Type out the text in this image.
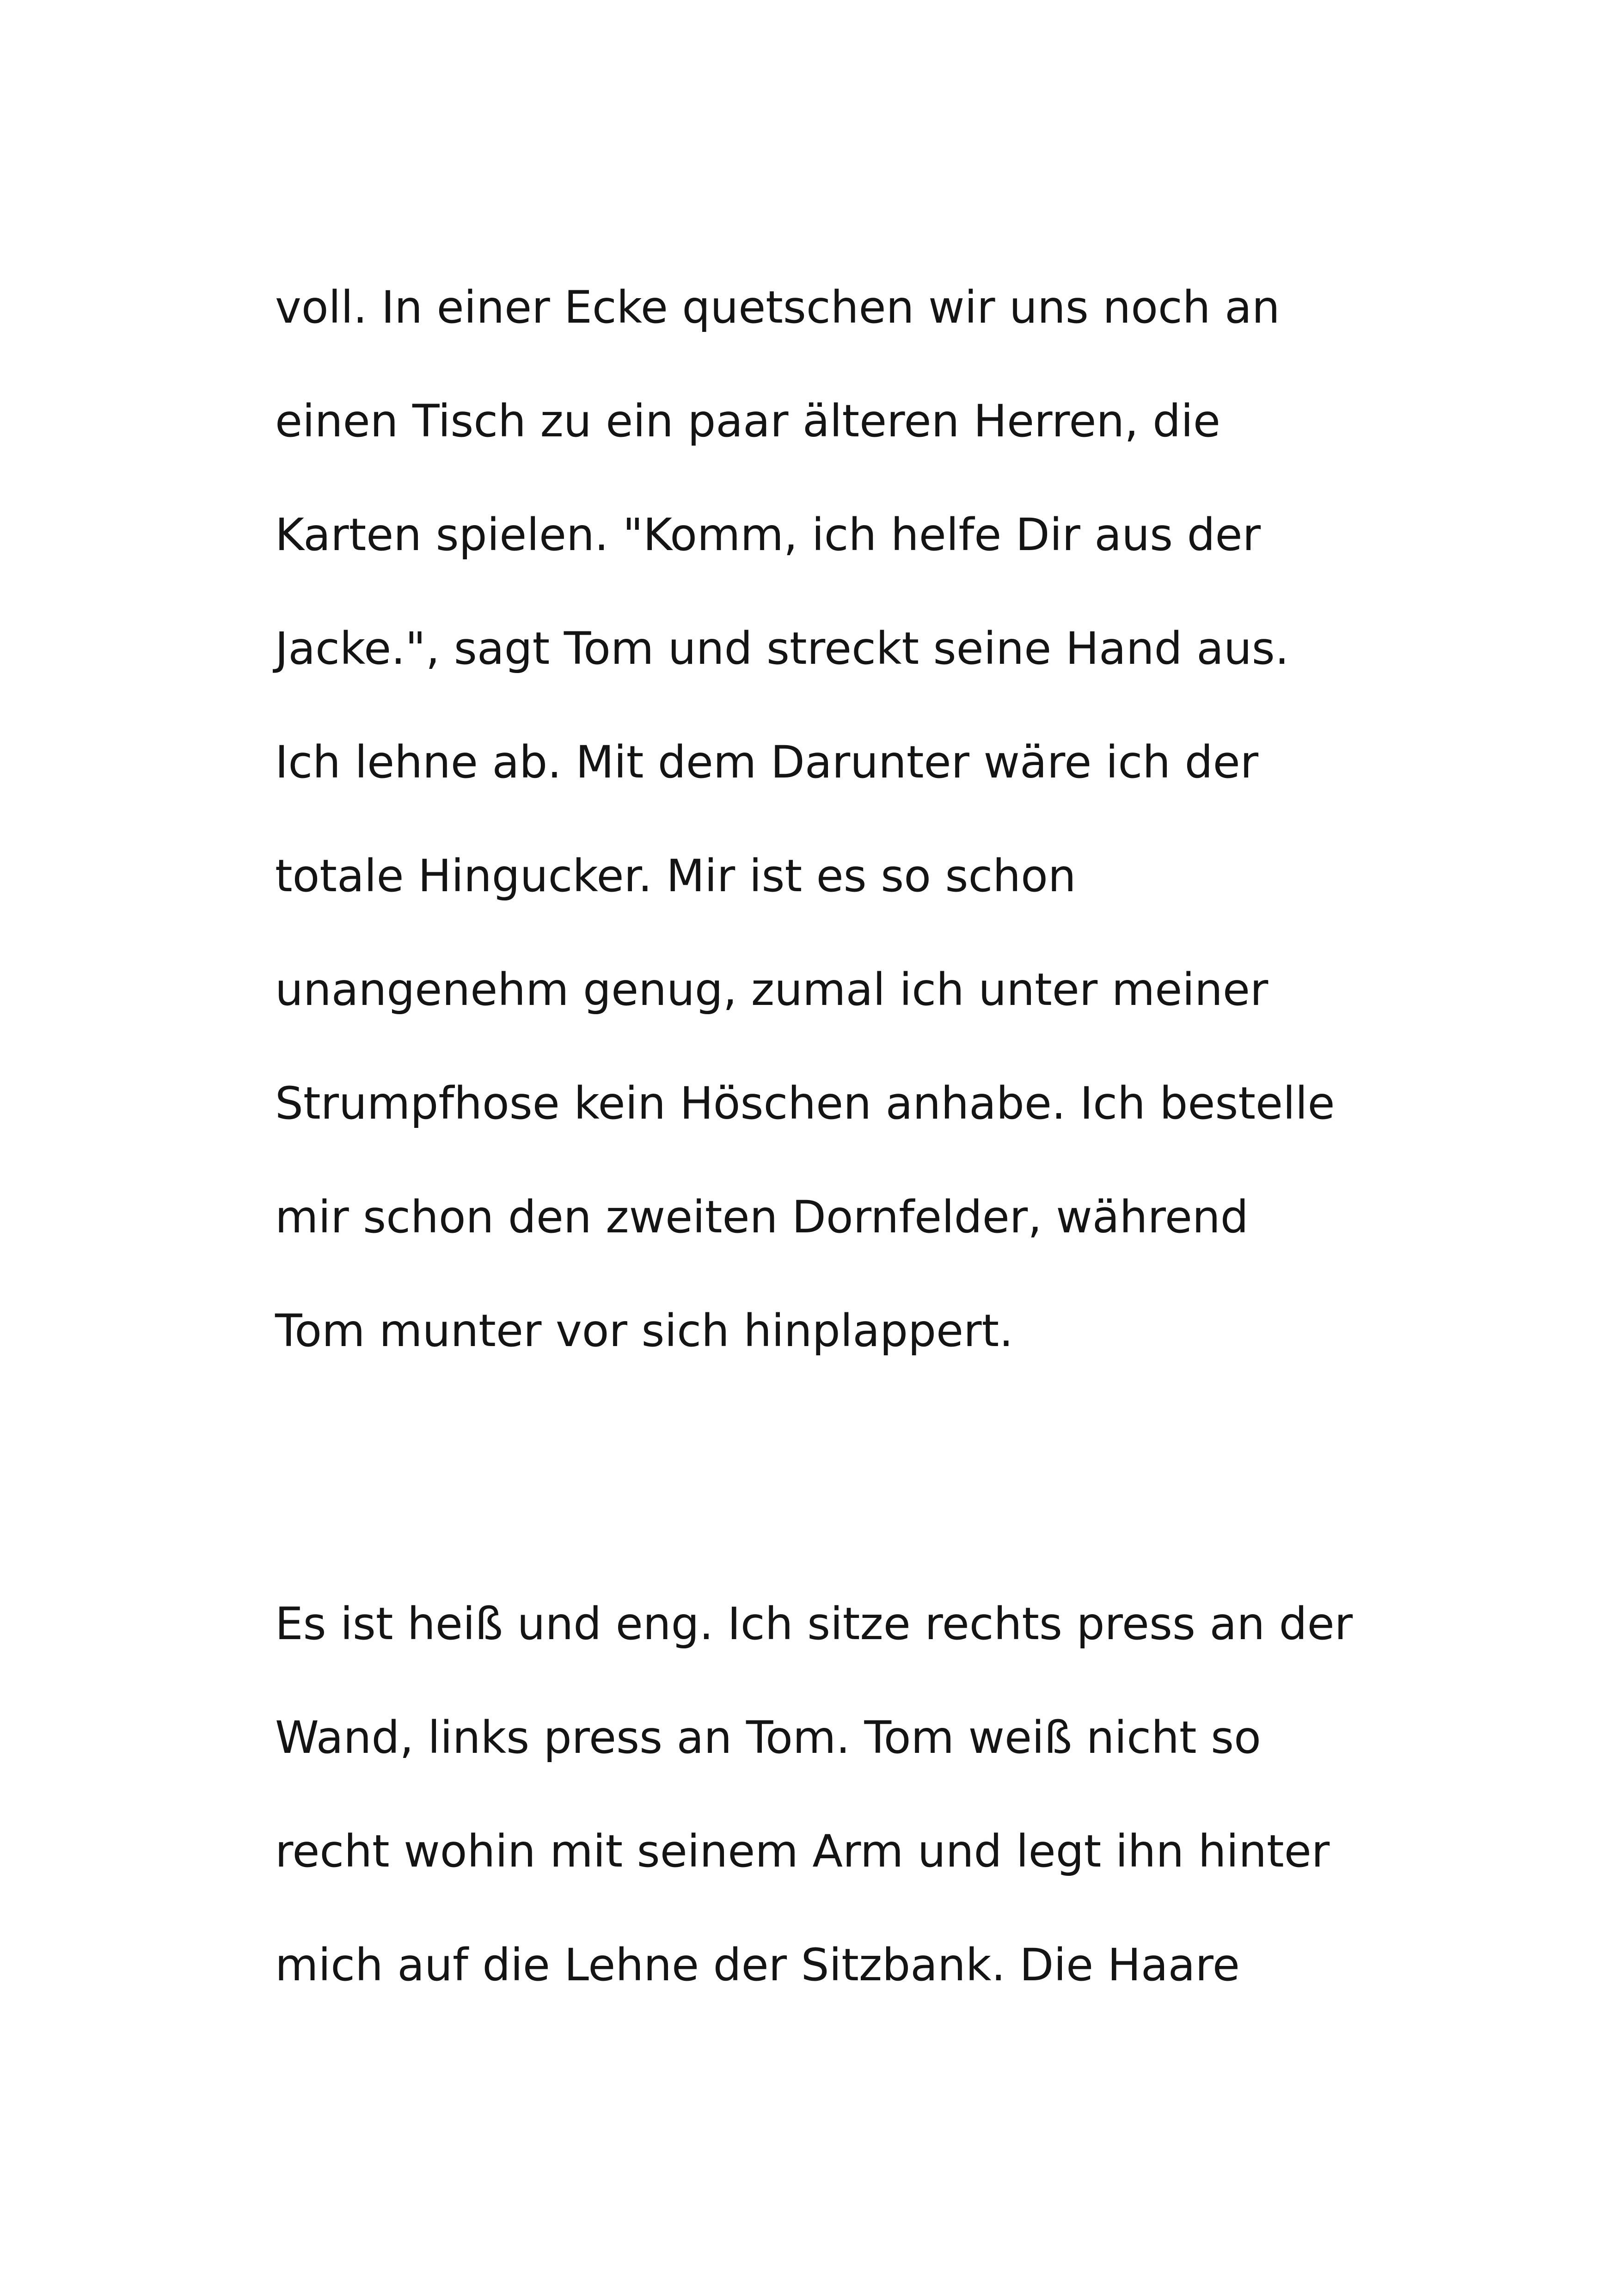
voll. In einer Ecke quetschen wir uns noch an
einen Tisch zu ein paar älteren Herren, die
Karten spielen. "Komm, ich helfe Dir aus der
Jacke.", sagt Tom und streckt seine Hand aus.
Ich lehne ab. Mit dem Darunter wäre ich der
totale Hingucker. Mir ist es so schon
unangenehm genug, zumal ich unter meiner
Strumpfhose kein Höschen anhabe. Ich bestelle
mir schon den zweiten Dornfelder, während
Tom munter vor sich hinplappert.

Es ist heiß und eng. Ich sitze rechts press an der
Wand, links press an Tom. Tom weiß nicht so
recht wohin mit seinem Arm und legt ihn hinter
mich auf die Lehne der Sitzbank. Die Haare
